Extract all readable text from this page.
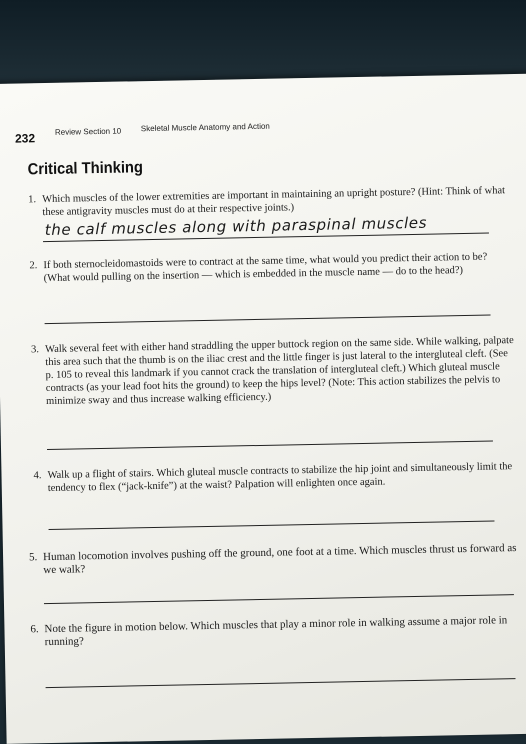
232 Review Section 10 Skeletal Muscle Anatomy and Action
Critical Thinking
1. Which muscles of the lower extremities are important in maintaining an upright posture? (Hint: Think of what these antigravity muscles must do at their respective joints.)
the calf muscles along with paraspinal muscles
2. If both sternocleidomastoids were to contract at the same time, what would you predict their action to be? (What would pulling on the insertion — which is embedded in the muscle name — do to the head?)
3. Walk several feet with either hand straddling the upper buttock region on the same side. While walking, palpate this area such that the thumb is on the iliac crest and the little finger is just lateral to the intergluteal cleft. (See p. 105 to reveal this landmark if you cannot crack the translation of intergluteal cleft.) Which gluteal muscle contracts (as your lead foot hits the ground) to keep the hips level? (Note: This action stabilizes the pelvis to minimize sway and thus increase walking efficiency.)
4. Walk up a flight of stairs. Which gluteal muscle contracts to stabilize the hip joint and simultaneously limit the tendency to flex (“jack-knife”) at the waist? Palpation will enlighten once again.
5. Human locomotion involves pushing off the ground, one foot at a time. Which muscles thrust us forward as we walk?
6. Note the figure in motion below. Which muscles that play a minor role in walking assume a major role in running?
